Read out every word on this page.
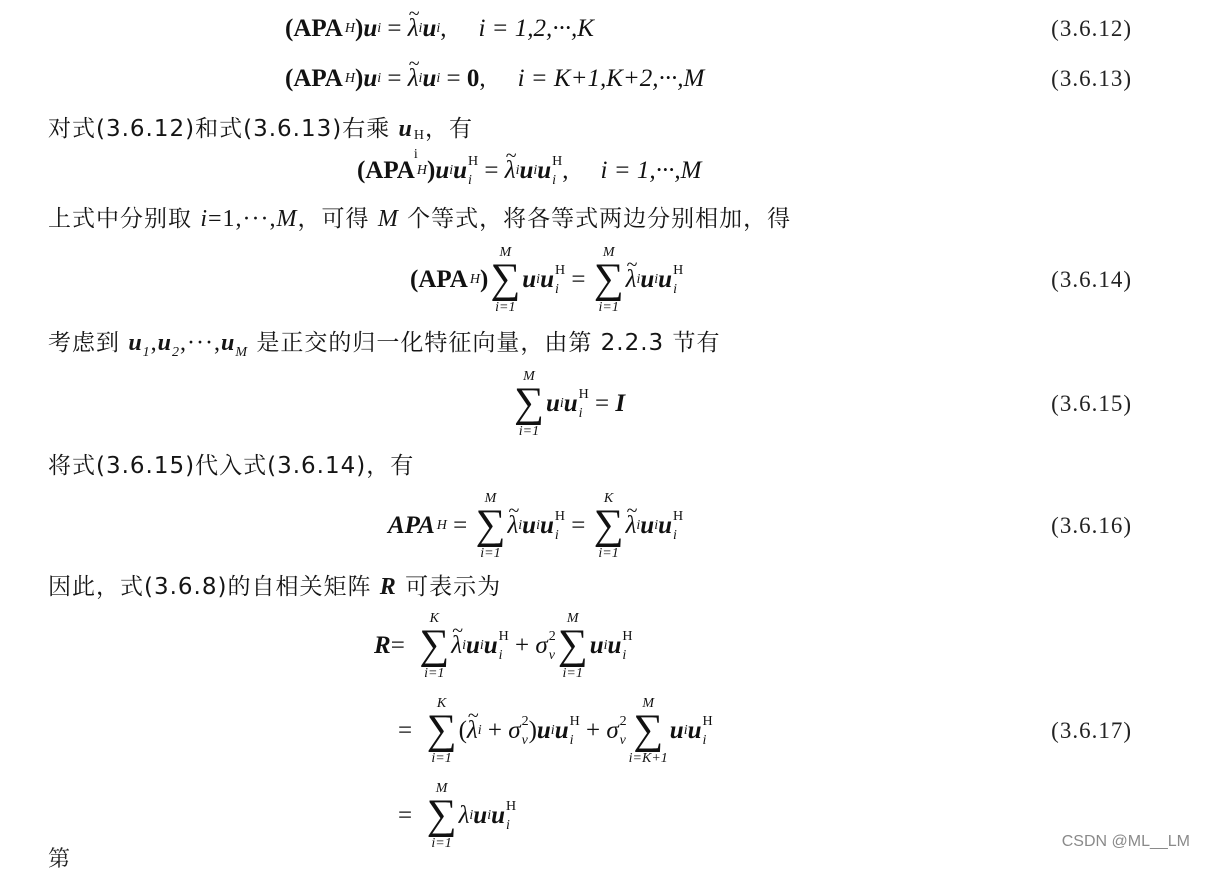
(APA H ) u i
=
~ λ i u i , i = 1,2,···,K	(3.6.12)
(APA H ) u i
=
~ λ i u i
=
0 , i = K+1,K+2,···,M	(3.6.13)
对式(3.6.12)和式(3.6.13)右乘 u H
i
，有
(APA H ) u i u H
i
=
~ λ i u i u H
i , i = 1,···,M
上式中分别取 i=1,···,M，可得 M 个等式，将各等式两边分别相加，得
(APA H )
M
∑
i=1
u i u H
i
=

M
∑
i=1
~ λ i u i u H
i	(3.6.14)
考虑到 $u_1,u_2,\cdot\cdot\cdot,u_M$ 是正交的归一化特征向量，由第 2.2.3 节有
M
∑
i=1
u i u H
i
=
I	(3.6.15)
将式(3.6.15)代入式(3.6.14)，有
APA H
=

M
∑
i=1
~ λ i u i u H
i
=

K
∑
i=1
~ λ i u i u H
i	(3.6.16)
因此，式(3.6.8)的自相关矩阵 R 可表示为
R =

K
∑
i=1
~ λ i u i u H
i
+ σ 2
v
M
∑
i=1
u i u H
i
=

K
∑
i=1
( ~ λ i
+ σ 2
v ) u i u H
i
+ σ 2
v
M
∑
i=K+1
u i u H
i	(3.6.17)
=

M
∑
i=1
λ i u i u H
i
第
CSDN @ML__LM
